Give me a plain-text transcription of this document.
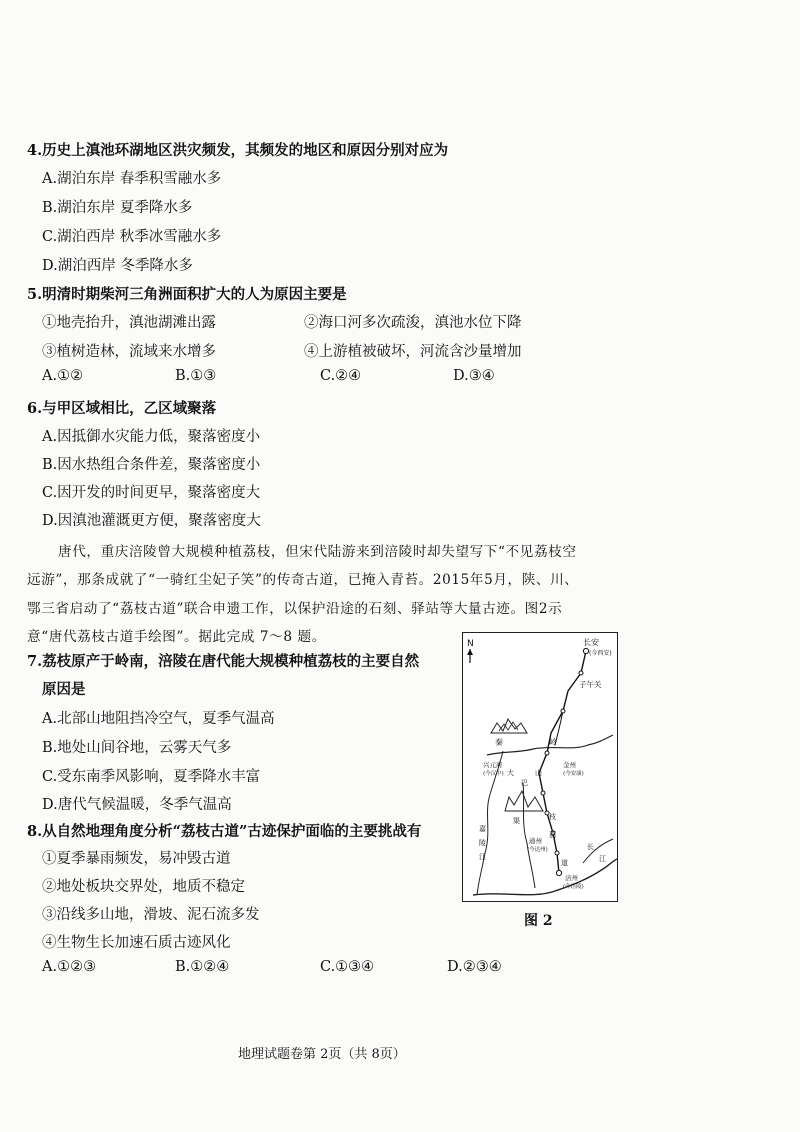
4.历史上滇池环湖地区洪灾频发，其频发的地区和原因分别对应为
A.湖泊东岸 春季积雪融水多
B.湖泊东岸 夏季降水多
C.湖泊西岸 秋季冰雪融水多
D.湖泊西岸 冬季降水多
5.明清时期柴河三角洲面积扩大的人为原因主要是
①地壳抬升，滇池湖滩出露	②海口河多次疏浚，滇池水位下降
③植树造林，流域来水增多	④上游植被破坏，河流含沙量增加
A.①②	B.①③	C.②④	D.③④
6.与甲区域相比，乙区域聚落
A.因抵御水灾能力低，聚落密度小
B.因水热组合条件差，聚落密度小
C.因开发的时间更早，聚落密度大
D.因滇池灌溉更方便，聚落密度大
唐代，重庆涪陵曾大规模种植荔枝，但宋代陆游来到涪陵时却失望写下“不见荔枝空
远游”，那条成就了“一骑红尘妃子笑”的传奇古道，已掩入青苔。2015年5月，陕、川、
鄂三省启动了“荔枝古道”联合申遗工作，以保护沿途的石刻、驿站等大量古迹。图2示
意“唐代荔枝古道手绘图”。据此完成 7～8 题。
7.荔枝原产于岭南，涪陵在唐代能大规模种植荔枝的主要自然
原因是
A.北部山地阻挡冷空气，夏季气温高
B.地处山间谷地，云雾天气多
C.受东南季风影响，夏季降水丰富
D.唐代气候温暖，冬季气温高
8.从自然地理角度分析“荔枝古道”古迹保护面临的主要挑战有
①夏季暴雨频发，易冲毁古道
②地处板块交界处，地质不稳定
③沿线多山地，滑坡、泥石流多发
④生物生长加速石质古迹风化
A.①②③	B.①②④	C.①③④	D.②③④
N	长安
(今西安)
子午关
秦	岭
兴元府
(今汉中)
金州
(今安康)
大
巴
山
通州
(今达州)
荔
枝
道
涪州
(今涪陵)
嘉
陵
江
渠
长
江
图 2
地理试题卷第 2页（共 8页）
